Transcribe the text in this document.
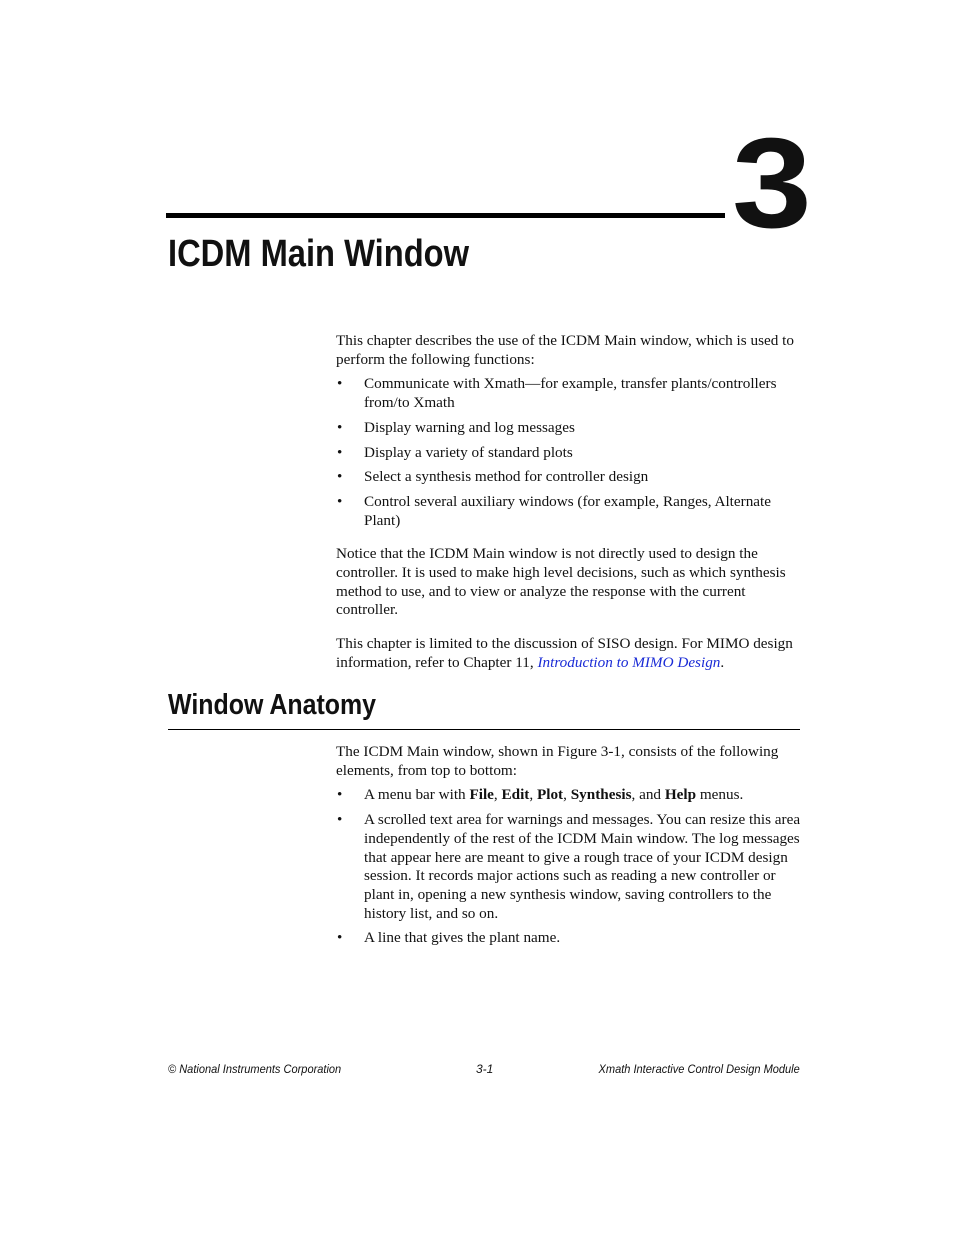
3
ICDM Main Window

This chapter describes the use of the ICDM Main window, which is used to perform the following functions:

• Communicate with Xmath—for example, transfer plants/controllers from/to Xmath
• Display warning and log messages
• Display a variety of standard plots
• Select a synthesis method for controller design
• Control several auxiliary windows (for example, Ranges, Alternate Plant)

Notice that the ICDM Main window is not directly used to design the controller. It is used to make high level decisions, such as which synthesis method to use, and to view or analyze the response with the current controller.

This chapter is limited to the discussion of SISO design. For MIMO design information, refer to Chapter 11, Introduction to MIMO Design.

Window Anatomy

The ICDM Main window, shown in Figure 3-1, consists of the following elements, from top to bottom:

• A menu bar with File, Edit, Plot, Synthesis, and Help menus.
• A scrolled text area for warnings and messages. You can resize this area independently of the rest of the ICDM Main window. The log messages that appear here are meant to give a rough trace of your ICDM design session. It records major actions such as reading a new controller or plant in, opening a new synthesis window, saving controllers to the history list, and so on.
• A line that gives the plant name.
© National Instruments Corporation	3-1	Xmath Interactive Control Design Module
